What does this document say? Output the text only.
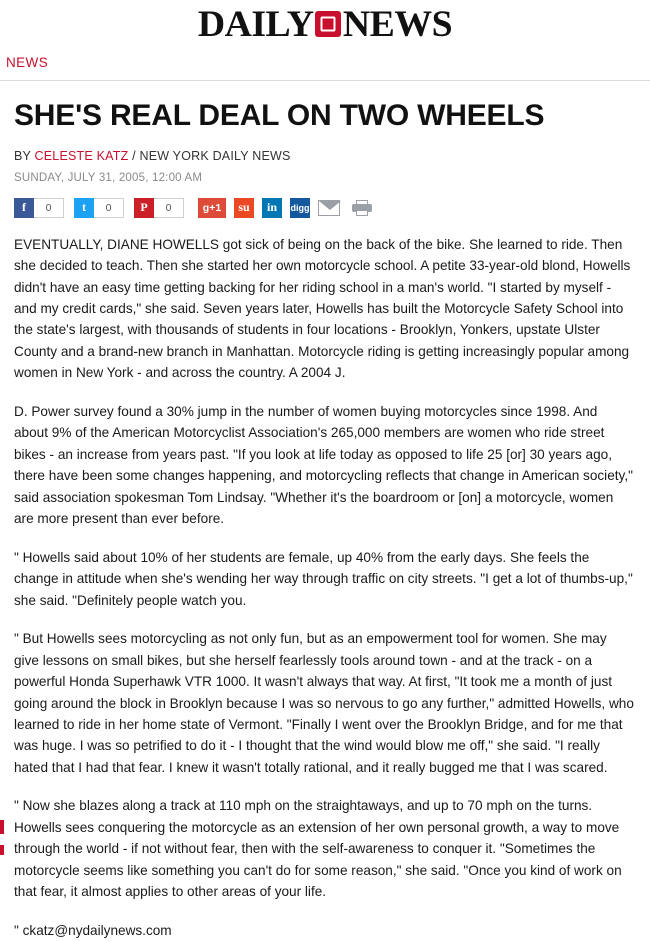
DAILY NEWS
NEWS
SHE'S REAL DEAL ON TWO WHEELS
BY CELESTE KATZ / NEW YORK DAILY NEWS
SUNDAY, JULY 31, 2005, 12:00 AM
f	0	t	0	P	0	g+1	su	in	digg

EVENTUALLY, DIANE HOWELLS got sick of being on the back of the bike. She learned to ride. Then she decided to teach. Then she started her own motorcycle school. A petite 33-year-old blond, Howells didn't have an easy time getting backing for her riding school in a man's world. "I started by myself - and my credit cards," she said. Seven years later, Howells has built the Motorcycle Safety School into the state's largest, with thousands of students in four locations - Brooklyn, Yonkers, upstate Ulster County and a brand-new branch in Manhattan. Motorcycle riding is getting increasingly popular among women in New York - and across the country. A 2004 J.

D. Power survey found a 30% jump in the number of women buying motorcycles since 1998. And about 9% of the American Motorcyclist Association's 265,000 members are women who ride street bikes - an increase from years past. "If you look at life today as opposed to life 25 [or] 30 years ago, there have been some changes happening, and motorcycling reflects that change in American society," said association spokesman Tom Lindsay. "Whether it's the boardroom or [on] a motorcycle, women are more present than ever before.

" Howells said about 10% of her students are female, up 40% from the early days. She feels the change in attitude when she's wending her way through traffic on city streets. "I get a lot of thumbs-up," she said. "Definitely people watch you.

" But Howells sees motorcycling as not only fun, but as an empowerment tool for women. She may give lessons on small bikes, but she herself fearlessly tools around town - and at the track - on a powerful Honda Superhawk VTR 1000. It wasn't always that way. At first, "It took me a month of just going around the block in Brooklyn because I was so nervous to go any further," admitted Howells, who learned to ride in her home state of Vermont. "Finally I went over the Brooklyn Bridge, and for me that was huge. I was so petrified to do it - I thought that the wind would blow me off," she said. "I really hated that I had that fear. I knew it wasn't totally rational, and it really bugged me that I was scared.

" Now she blazes along a track at 110 mph on the straightaways, and up to 70 mph on the turns. Howells sees conquering the motorcycle as an extension of her own personal growth, a way to move through the world - if not without fear, then with the self-awareness to conquer it. "Sometimes the motorcycle seems like something you can't do for some reason," she said. "Once you kind of work on that fear, it almost applies to other areas of your life.

" ckatz@nydailynews.com
